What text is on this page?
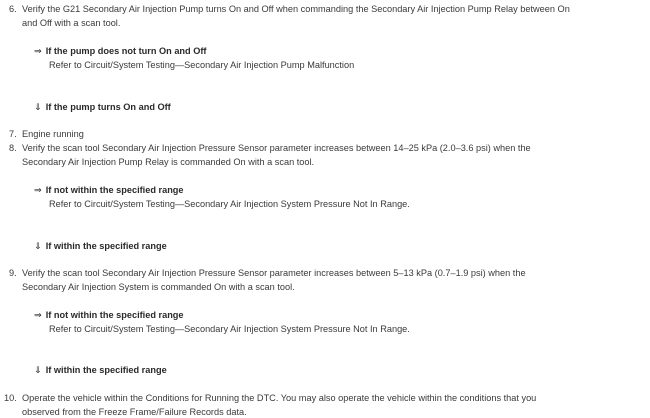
6. Verify the G21 Secondary Air Injection Pump turns On and Off when commanding the Secondary Air Injection Pump Relay between On
and Off with a scan tool.
⇒ If the pump does not turn On and Off
Refer to Circuit/System Testing—Secondary Air Injection Pump Malfunction
⇓ If the pump turns On and Off
7. Engine running
8. Verify the scan tool Secondary Air Injection Pressure Sensor parameter increases between 14–25 kPa (2.0–3.6 psi) when the
Secondary Air Injection Pump Relay is commanded On with a scan tool.
⇒ If not within the specified range
Refer to Circuit/System Testing—Secondary Air Injection System Pressure Not In Range.
⇓ If within the specified range
9. Verify the scan tool Secondary Air Injection Pressure Sensor parameter increases between 5–13 kPa (0.7–1.9 psi) when the
Secondary Air Injection System is commanded On with a scan tool.
⇒ If not within the specified range
Refer to Circuit/System Testing—Secondary Air Injection System Pressure Not In Range.
⇓ If within the specified range
10. Operate the vehicle within the Conditions for Running the DTC. You may also operate the vehicle within the conditions that you
observed from the Freeze Frame/Failure Records data.
